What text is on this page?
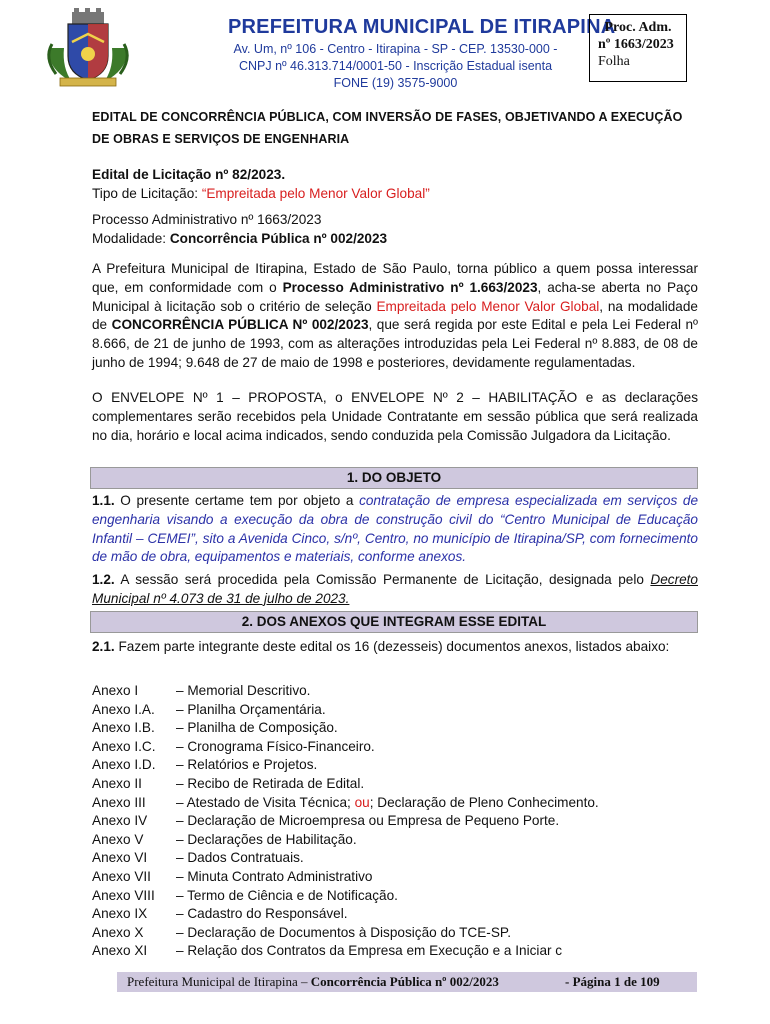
PREFEITURA MUNICIPAL DE ITIRAPINA
Av. Um, nº 106 - Centro - Itirapina - SP - CEP. 13530-000 -
CNPJ nº 46.313.714/0001-50 - Inscrição Estadual isenta
FONE (19) 3575-9000
Proc. Adm.
nº 1663/2023
Folha
EDITAL DE CONCORRÊNCIA PÚBLICA, COM INVERSÃO DE FASES, OBJETIVANDO A EXECUÇÃO DE OBRAS E SERVIÇOS DE ENGENHARIA
Edital de Licitação nº 82/2023.
Tipo de Licitação: “Empreitada pelo Menor Valor Global”
Processo Administrativo nº 1663/2023
Modalidade: Concorrência Pública nº 002/2023
A Prefeitura Municipal de Itirapina, Estado de São Paulo, torna público a quem possa interessar que, em conformidade com o Processo Administrativo nº 1.663/2023, acha-se aberta no Paço Municipal à licitação sob o critério de seleção Empreitada pelo Menor Valor Global, na modalidade de CONCORRÊNCIA PÚBLICA Nº 002/2023, que será regida por este Edital e pela Lei Federal nº 8.666, de 21 de junho de 1993, com as alterações introduzidas pela Lei Federal nº 8.883, de 08 de junho de 1994; 9.648 de 27 de maio de 1998 e posteriores, devidamente regulamentadas.
O ENVELOPE Nº 1 – PROPOSTA, o ENVELOPE Nº 2 – HABILITAÇÃO e as declarações complementares serão recebidos pela Unidade Contratante em sessão pública que será realizada no dia, horário e local acima indicados, sendo conduzida pela Comissão Julgadora da Licitação.
1. DO OBJETO
1.1. O presente certame tem por objeto a contratação de empresa especializada em serviços de engenharia visando a execução da obra de construção civil do “Centro Municipal de Educação Infantil – CEMEI”, sito a Avenida Cinco, s/nº, Centro, no município de Itirapina/SP, com fornecimento de mão de obra, equipamentos e materiais, conforme anexos.
1.2. A sessão será procedida pela Comissão Permanente de Licitação, designada pelo Decreto Municipal nº 4.073 de 31 de julho de 2023.
2. DOS ANEXOS QUE INTEGRAM ESSE EDITAL
2.1. Fazem parte integrante deste edital os 16 (dezesseis) documentos anexos, listados abaixo:
Anexo I	– Memorial Descritivo.
Anexo I.A.	– Planilha Orçamentária.
Anexo I.B.	– Planilha de Composição.
Anexo I.C.	– Cronograma Físico-Financeiro.
Anexo I.D.	– Relatórios e Projetos.
Anexo II	– Recibo de Retirada de Edital.
Anexo III	– Atestado de Visita Técnica; ou; Declaração de Pleno Conhecimento.
Anexo IV	– Declaração de Microempresa ou Empresa de Pequeno Porte.
Anexo V	– Declarações de Habilitação.
Anexo VI	– Dados Contratuais.
Anexo VII	– Minuta Contrato Administrativo
Anexo VIII	– Termo de Ciência e de Notificação.
Anexo IX	– Cadastro do Responsável.
Anexo X	– Declaração de Documentos à Disposição do TCE-SP.
Anexo XI	– Relação dos Contratos da Empresa em Execução e a Iniciar c
Prefeitura Municipal de Itirapina – Concorrência Pública nº 002/2023	- Página 1 de 109
